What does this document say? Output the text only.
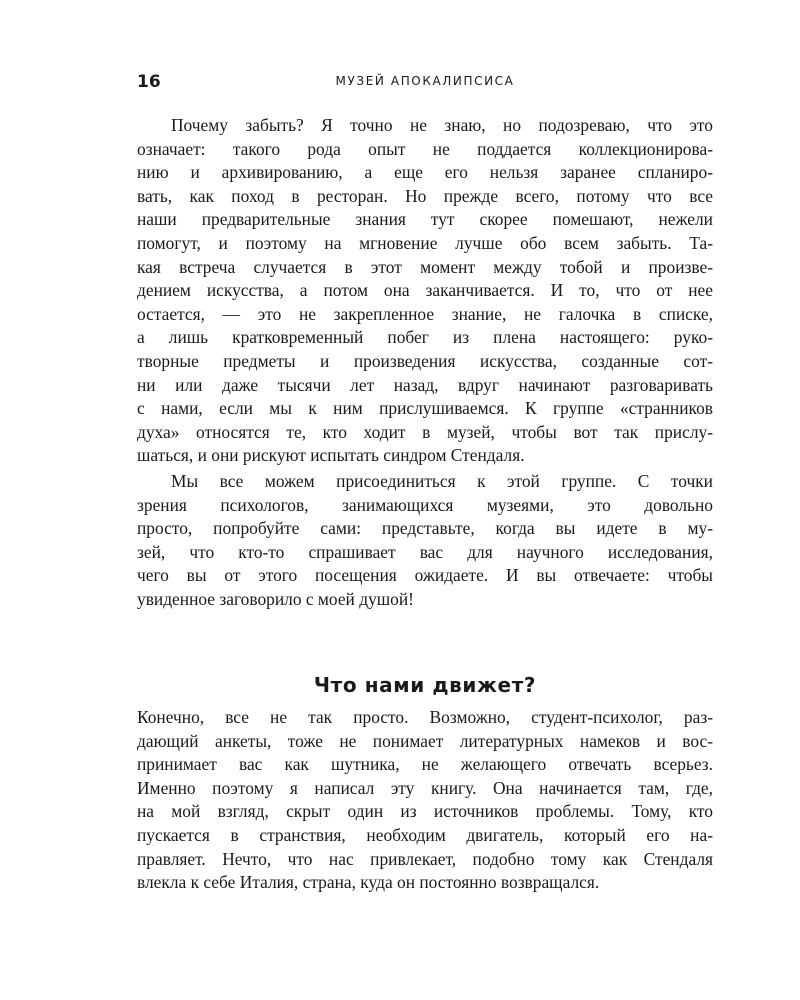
16	МУЗЕЙ АПОКАЛИПСИСА
Почему забыть? Я точно не знаю, но подозреваю, что это
означает: такого рода опыт не поддается коллекционирова-
нию и архивированию, а еще его нельзя заранее спланиро-
вать, как поход в ресторан. Но прежде всего, потому что все
наши предварительные знания тут скорее помешают, нежели
помогут, и поэтому на мгновение лучше обо всем забыть. Та-
кая встреча случается в этот момент между тобой и произве-
дением искусства, а потом она заканчивается. И то, что от нее
остается, — это не закрепленное знание, не галочка в списке,
а лишь кратковременный побег из плена настоящего: руко-
творные предметы и произведения искусства, созданные сот-
ни или даже тысячи лет назад, вдруг начинают разговаривать
с нами, если мы к ним прислушиваемся. К группе «странников
духа» относятся те, кто ходит в музей, чтобы вот так прислу-
шаться, и они рискуют испытать синдром Стендаля.
Мы все можем присоединиться к этой группе. С точки
зрения психологов, занимающихся музеями, это довольно
просто, попробуйте сами: представьте, когда вы идете в му-
зей, что кто-то спрашивает вас для научного исследования,
чего вы от этого посещения ожидаете. И вы отвечаете: чтобы
увиденное заговорило с моей душой!
Что нами движет?
Конечно, все не так просто. Возможно, студент-психолог, раз-
дающий анкеты, тоже не понимает литературных намеков и вос-
принимает вас как шутника, не желающего отвечать всерьез.
Именно поэтому я написал эту книгу. Она начинается там, где,
на мой взгляд, скрыт один из источников проблемы. Тому, кто
пускается в странствия, необходим двигатель, который его на-
правляет. Нечто, что нас привлекает, подобно тому как Стендаля
влекла к себе Италия, страна, куда он постоянно возвращался.
